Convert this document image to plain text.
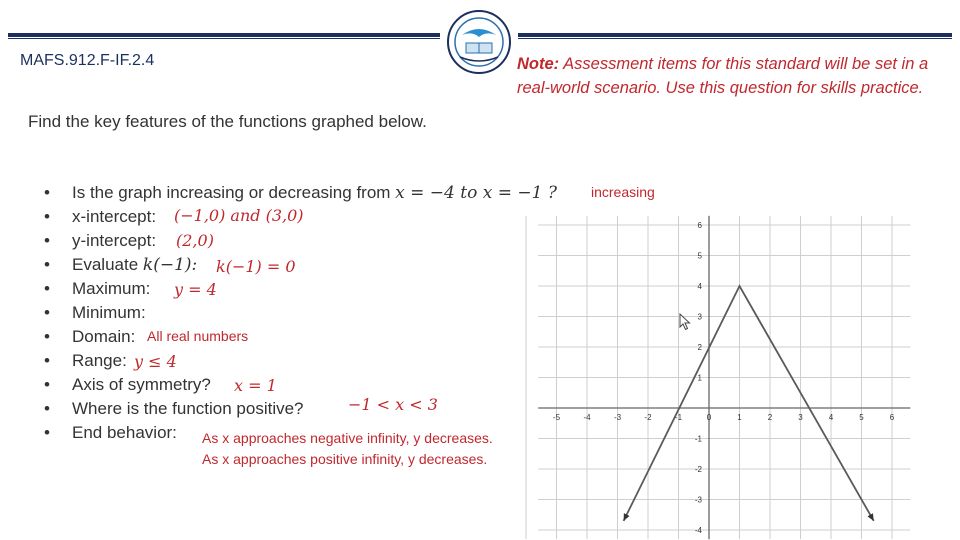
MAFS.912.F-IF.2.4
Find the key features of the functions graphed below.
Note: Assessment items for this standard will be set in a real-world scenario. Use this question for skills practice.
• Is the graph increasing or decreasing from x = −4 to x = −1 ?
• x-intercept:
• y-intercept:
• Evaluate k(−1):
• Maximum:
• Minimum:
• Domain:
• Range:
• Axis of symmetry?
• Where is the function positive?
• End behavior:
increasing
(−1,0) and (3,0)
(2,0)
k(−1) = 0
y = 4
All real numbers
y ≤ 4
x = 1
−1 < x < 3
As x approaches negative infinity, y decreases.
As x approaches positive infinity, y decreases.
-5	-4	-3	-2	-1	0	1	2	3	4	5	6
6
5
4
3
2
1
-1
-2
-3
-4
